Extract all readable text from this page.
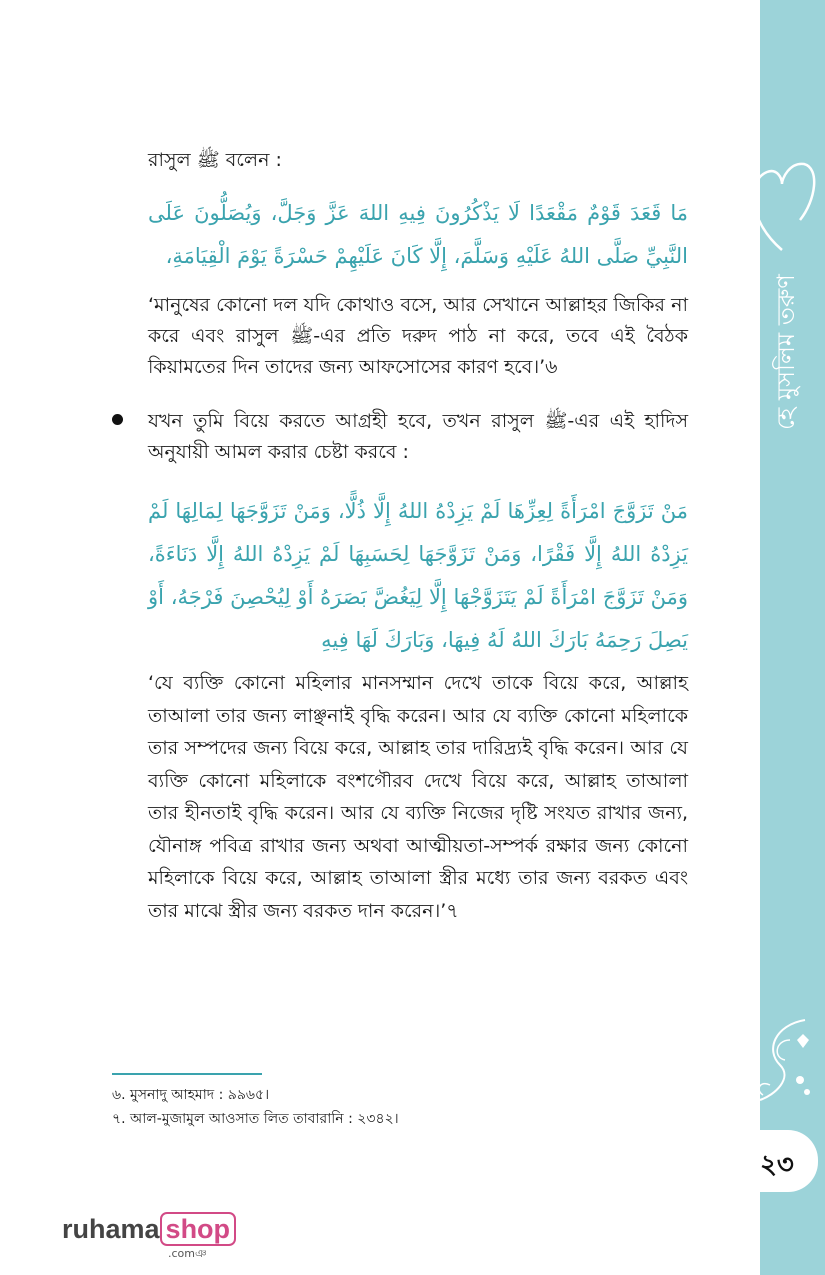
২৩
রাসুল ﷺ বলেন :
مَا قَعَدَ قَوْمٌ مَقْعَدًا لَا يَذْكُرُونَ فِيهِ اللهَ عَزَّ وَجَلَّ، وَيُصَلُّونَ عَلَى النَّبِيِّ صَلَّى اللهُ عَلَيْهِ وَسَلَّمَ، إِلَّا كَانَ عَلَيْهِمْ حَسْرَةً يَوْمَ الْقِيَامَةِ،
‘মানুষের কোনো দল যদি কোথাও বসে, আর সেখানে আল্লাহর জিকির না করে এবং রাসুল ﷺ-এর প্রতি দরুদ পাঠ না করে, তবে এই বৈঠক কিয়ামতের দিন তাদের জন্য আফসোসের কারণ হবে।’৬
যখন তুমি বিয়ে করতে আগ্রহী হবে, তখন রাসুল ﷺ-এর এই হাদিস অনুযায়ী আমল করার চেষ্টা করবে :
مَنْ تَزَوَّجَ امْرَأَةً لِعِزِّهَا لَمْ يَزِدْهُ اللهُ إِلَّا ذُلًّا، وَمَنْ تَزَوَّجَهَا لِمَالِهَا لَمْ يَزِدْهُ اللهُ إِلَّا فَقْرًا، وَمَنْ تَزَوَّجَهَا لِحَسَبِهَا لَمْ يَزِدْهُ اللهُ إِلَّا دَنَاءَةً، وَمَنْ تَزَوَّجَ امْرَأَةً لَمْ يَتَزَوَّجْهَا إِلَّا لِيَغُضَّ بَصَرَهُ أَوْ لِيُحْصِنَ فَرْجَهُ، أَوْ يَصِلَ رَحِمَهُ بَارَكَ اللهُ لَهُ فِيهَا، وَبَارَكَ لَهَا فِيهِ
‘যে ব্যক্তি কোনো মহিলার মানসম্মান দেখে তাকে বিয়ে করে, আল্লাহ তাআলা তার জন্য লাঞ্ছনাই বৃদ্ধি করেন। আর যে ব্যক্তি কোনো মহিলাকে তার সম্পদের জন্য বিয়ে করে, আল্লাহ তার দারিদ্র্যই বৃদ্ধি করেন। আর যে ব্যক্তি কোনো মহিলাকে বংশগৌরব দেখে বিয়ে করে, আল্লাহ তাআলা তার হীনতাই বৃদ্ধি করেন। আর যে ব্যক্তি নিজের দৃষ্টি সংযত রাখার জন্য, যৌনাঙ্গ পবিত্র রাখার জন্য অথবা আত্মীয়তা-সম্পর্ক রক্ষার জন্য কোনো মহিলাকে বিয়ে করে, আল্লাহ তাআলা স্ত্রীর মধ্যে তার জন্য বরকত এবং তার মাঝে স্ত্রীর জন্য বরকত দান করেন।’৭
৬. মুসনাদু আহমাদ : ৯৯৬৫।
৭. আল-মুজামুল আওসাত লিত তাবারানি : ২৩৪২।
ruhama shop
.comঞ
